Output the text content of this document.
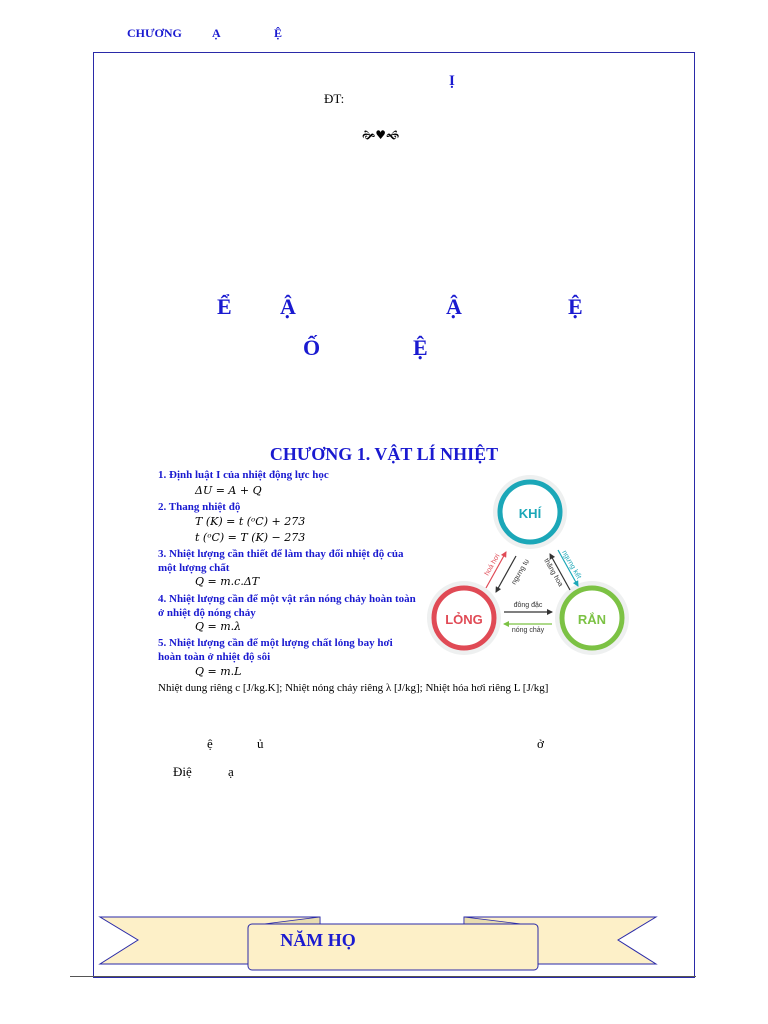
CHƯƠNG	Ạ	Ệ
Ị
ĐT:
🙞♥🙜
Ể Ậ	Ậ	Ệ
Ố	Ệ
CHƯƠNG 1. VẬT LÍ NHIỆT
1. Định luật I của nhiệt động lực học
ΔU = A + Q
2. Thang nhiệt độ
T (K) = t (ᵒC) + 273
t (ᵒC) = T (K) − 273
3. Nhiệt lượng cần thiết để làm thay đổi nhiệt độ của một lượng chất
Q = m.c.ΔT
4. Nhiệt lượng cần để một vật rắn nóng chảy hoàn toàn ở nhiệt độ nóng chảy
Q = m.λ
5. Nhiệt lượng cần để một lượng chất lỏng bay hơi hoàn toàn ở nhiệt độ sôi
Q = m.L
Nhiệt dung riêng c [J/kg.K]; Nhiệt nóng chảy riêng λ [J/kg]; Nhiệt hóa hơi riêng L [J/kg]
KHÍ
LỎNG	RẮN
hoá hơi ngưng tụ	ngưng kết
thăng hoa
đông đặc
nóng chảy
ệ	ủ	ở
Điệ	ạ
NĂM HỌ
